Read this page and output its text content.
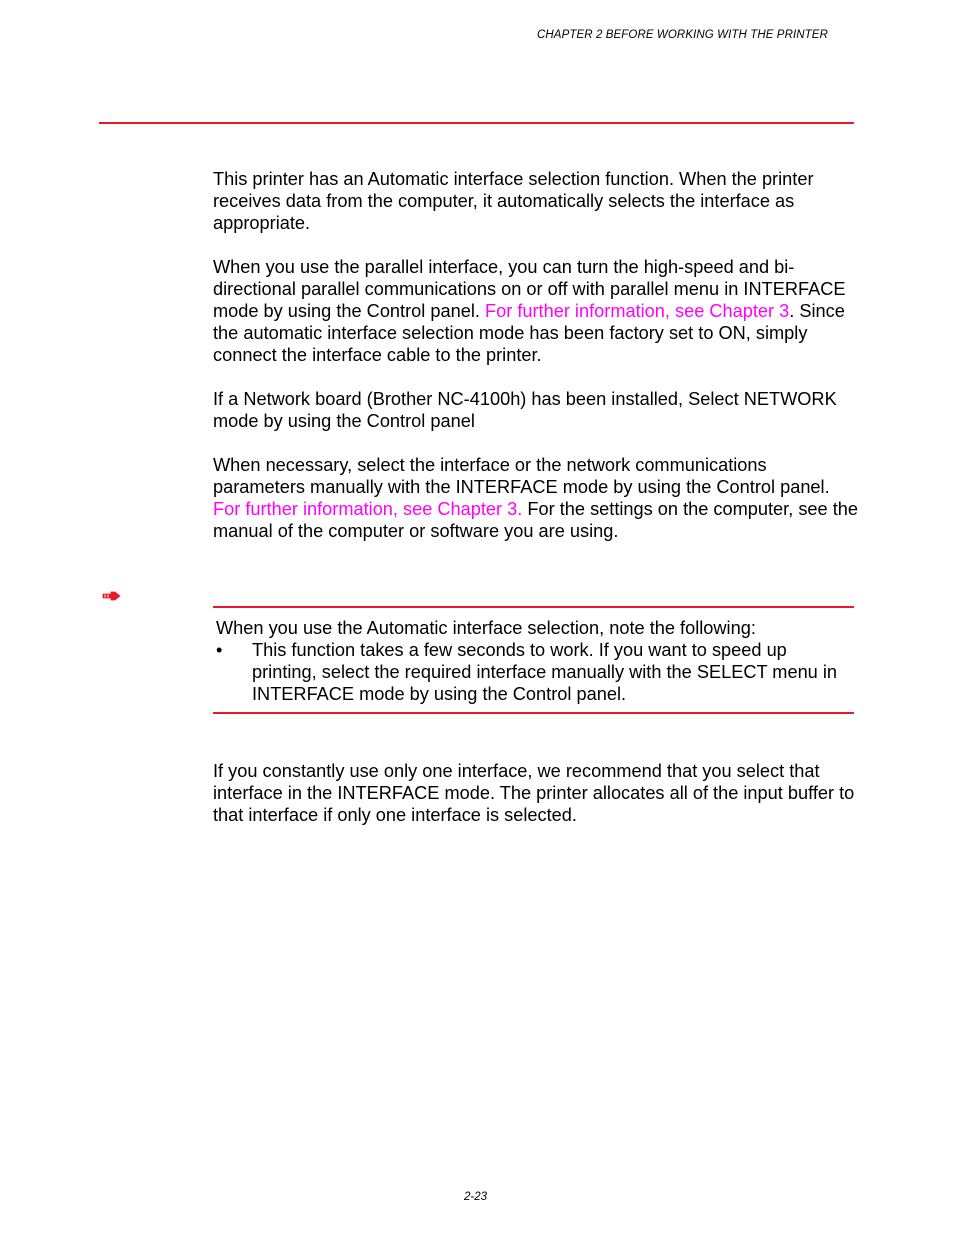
CHAPTER 2 BEFORE WORKING WITH THE PRINTER

This printer has an Automatic interface selection function. When the printer receives data from the computer, it automatically selects the interface as appropriate.

When you use the parallel interface, you can turn the high-speed and bi-directional parallel communications on or off with parallel menu in INTERFACE mode by using the Control panel. For further information, see Chapter 3. Since the automatic interface selection mode has been factory set to ON, simply connect the interface cable to the printer.

If a Network board (Brother NC-4100h) has been installed, Select NETWORK mode by using the Control panel

When necessary, select the interface or the network communications parameters manually with the INTERFACE mode by using the Control panel. For further information, see Chapter 3. For the settings on the computer, see the manual of the computer or software you are using.

When you use the Automatic interface selection, note the following:

• This function takes a few seconds to work. If you want to speed up printing, select the required interface manually with the SELECT menu in INTERFACE mode by using the Control panel.

If you constantly use only one interface, we recommend that you select that interface in the INTERFACE mode. The printer allocates all of the input buffer to that interface if only one interface is selected.

2-23
